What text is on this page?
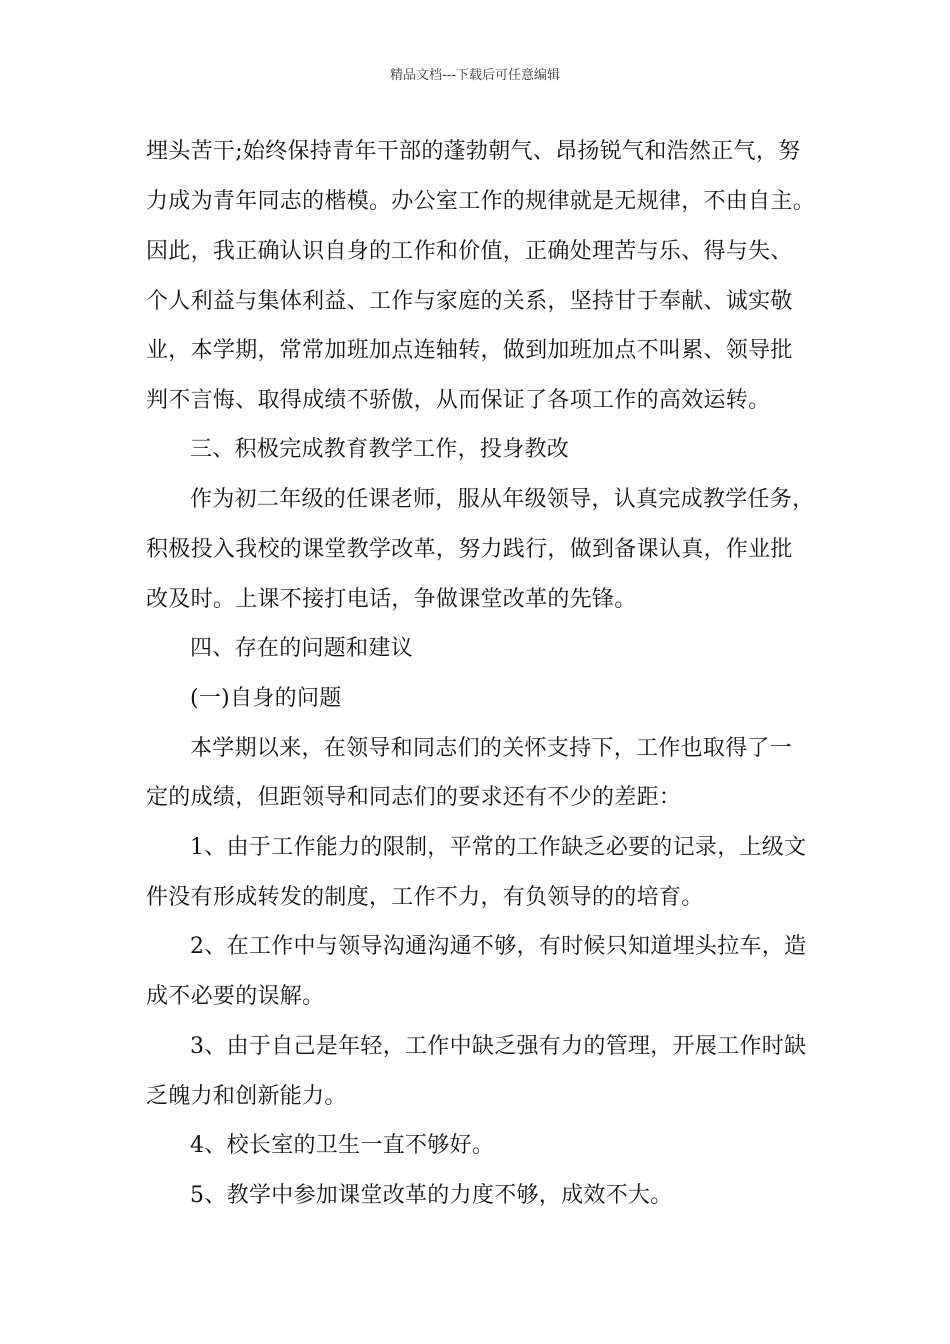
精品文档---下载后可任意编辑
埋头苦干;始终保持青年干部的蓬勃朝气、昂扬锐气和浩然正气，努
力成为青年同志的楷模。办公室工作的规律就是无规律，不由自主。
因此，我正确认识自身的工作和价值，正确处理苦与乐、得与失、
个人利益与集体利益、工作与家庭的关系，坚持甘于奉献、诚实敬
业，本学期，常常加班加点连轴转，做到加班加点不叫累、领导批
判不言悔、取得成绩不骄傲，从而保证了各项工作的高效运转。
三、积极完成教育教学工作，投身教改
作为初二年级的任课老师，服从年级领导，认真完成教学任务，
积极投入我校的课堂教学改革，努力践行，做到备课认真，作业批
改及时。上课不接打电话，争做课堂改革的先锋。
四、存在的问题和建议
(一)自身的问题
本学期以来，在领导和同志们的关怀支持下，工作也取得了一
定的成绩，但距领导和同志们的要求还有不少的差距：
1、由于工作能力的限制，平常的工作缺乏必要的记录，上级文
件没有形成转发的制度，工作不力，有负领导的的培育。
2、在工作中与领导沟通沟通不够，有时候只知道埋头拉车，造
成不必要的误解。
3、由于自己是年轻，工作中缺乏强有力的管理，开展工作时缺
乏魄力和创新能力。
4、校长室的卫生一直不够好。
5、教学中参加课堂改革的力度不够，成效不大。
